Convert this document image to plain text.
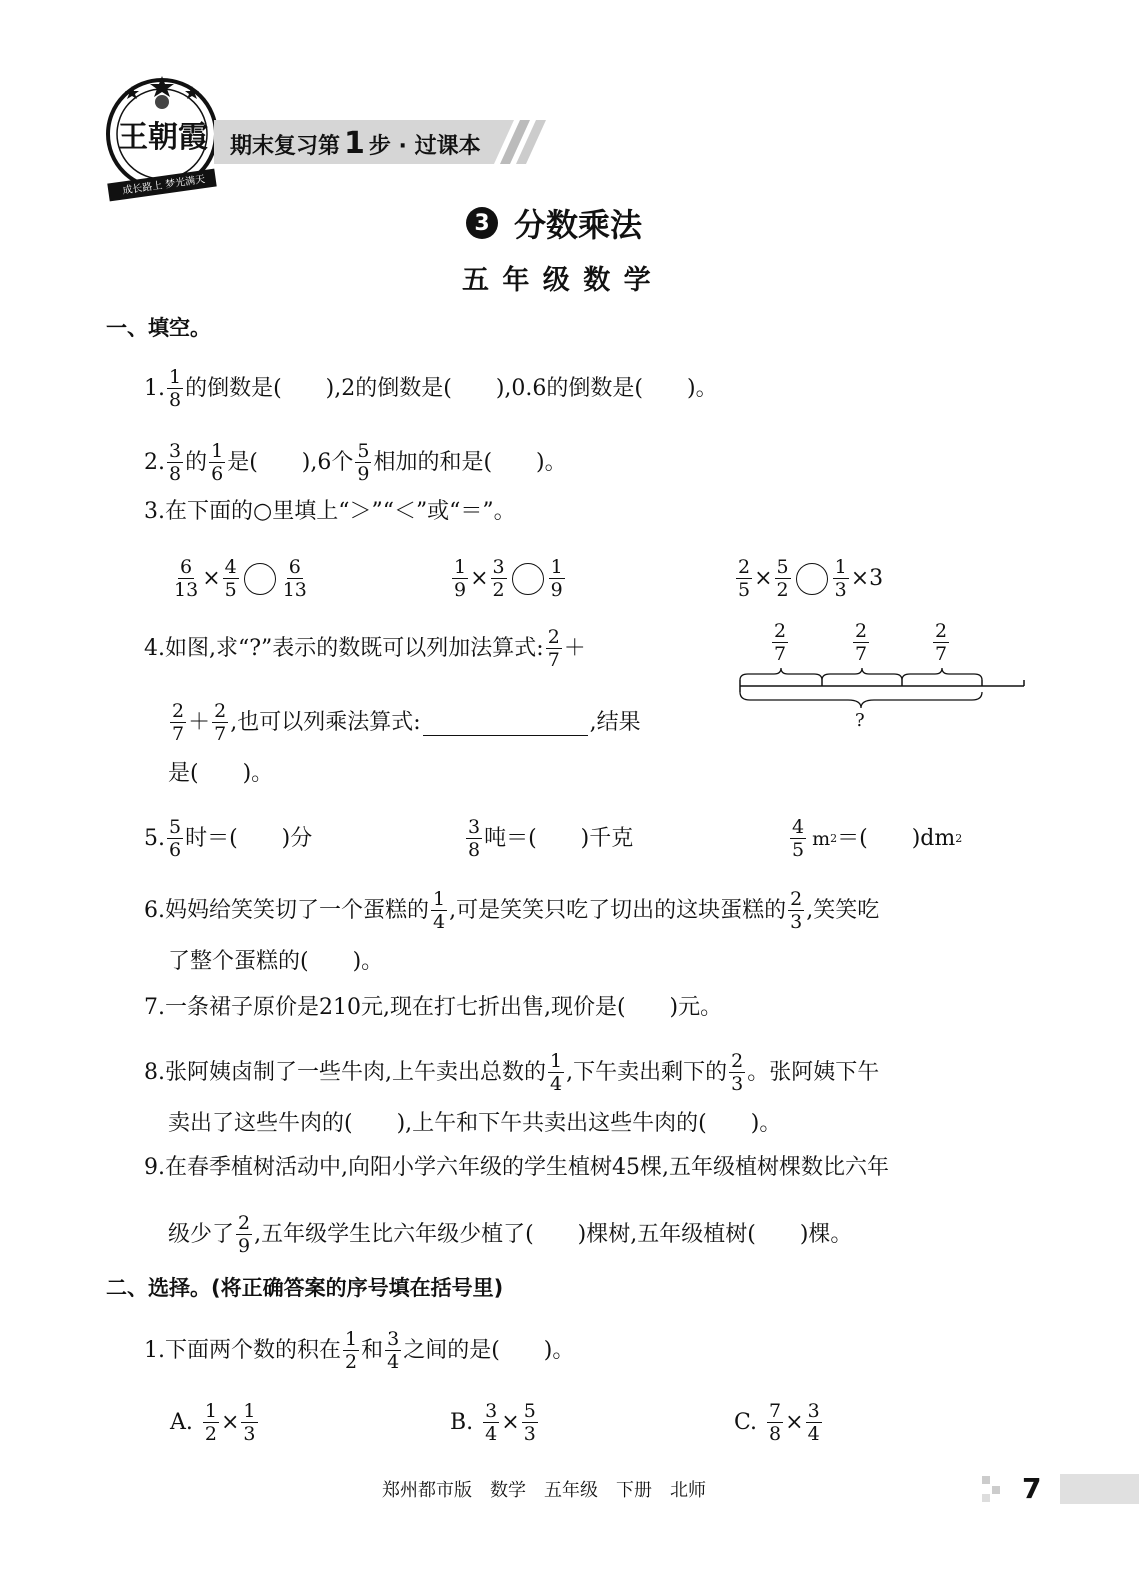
王朝霞
成长路上 梦光满天
期末复习第 1 步 · 过课本
3 分数乘法
五 年 级 数 学
一、填空。
1. $\frac{1}{8}$ 的倒数是(　　),2的倒数是(　　),0.6的倒数是(　　)。
2. $\frac{3}{8}$ 的 $\frac{1}{6}$ 是(　　),6个 $\frac{5}{9}$ 相加的和是(　　)。
3. 在下面的○里填上“＞”“＜”或“＝”。
$\frac{6}{13} \times \frac{4}{5} \frac{6}{13}$	$\frac{1}{9} \times \frac{3}{2} \frac{1}{9}$	$\frac{2}{5} \times \frac{5}{2} \frac{1}{3} \times 3$
4. 如图,求“?”表示的数既可以列加法算式: $\frac{2}{7}$ ＋
$\frac{2}{7} + \frac{2}{7}$ ,也可以列乘法算式:	,结果
是(　　)。
$\frac{2}{7}$	$\frac{2}{7}$	$\frac{2}{7}$
?
5. $\frac{5}{6}$ 时＝(　　)分	$\frac{3}{8}$ 吨＝(　　)千克	$\frac{4}{5}$ m 2 ＝(　　)dm 2
6. 妈妈给笑笑切了一个蛋糕的 $\frac{1}{4}$ ,可是笑笑只吃了切出的这块蛋糕的 $\frac{2}{3}$ ,笑笑吃
了整个蛋糕的(　　)。
7. 一条裙子原价是210元,现在打七折出售,现价是(　　)元。
8. 张阿姨卤制了一些牛肉,上午卖出总数的 $\frac{1}{4}$ ,下午卖出剩下的 $\frac{2}{3}$ 。张阿姨下午
卖出了这些牛肉的(　　),上午和下午共卖出这些牛肉的(　　)。
9. 在春季植树活动中,向阳小学六年级的学生植树45棵,五年级植树棵数比六年
级少了 $\frac{2}{9}$ ,五年级学生比六年级少植了(　　)棵树,五年级植树(　　)棵。
二、选择。(将正确答案的序号填在括号里)
1. 下面两个数的积在 $\frac{1}{2}$ 和 $\frac{3}{4}$ 之间的是(　　)。
A. $\frac{1}{2} \times \frac{1}{3}$	B. $\frac{3}{4} \times \frac{5}{3}$	C. $\frac{7}{8} \times \frac{3}{4}$
郑州都市版　数学　五年级　下册　北师	7
